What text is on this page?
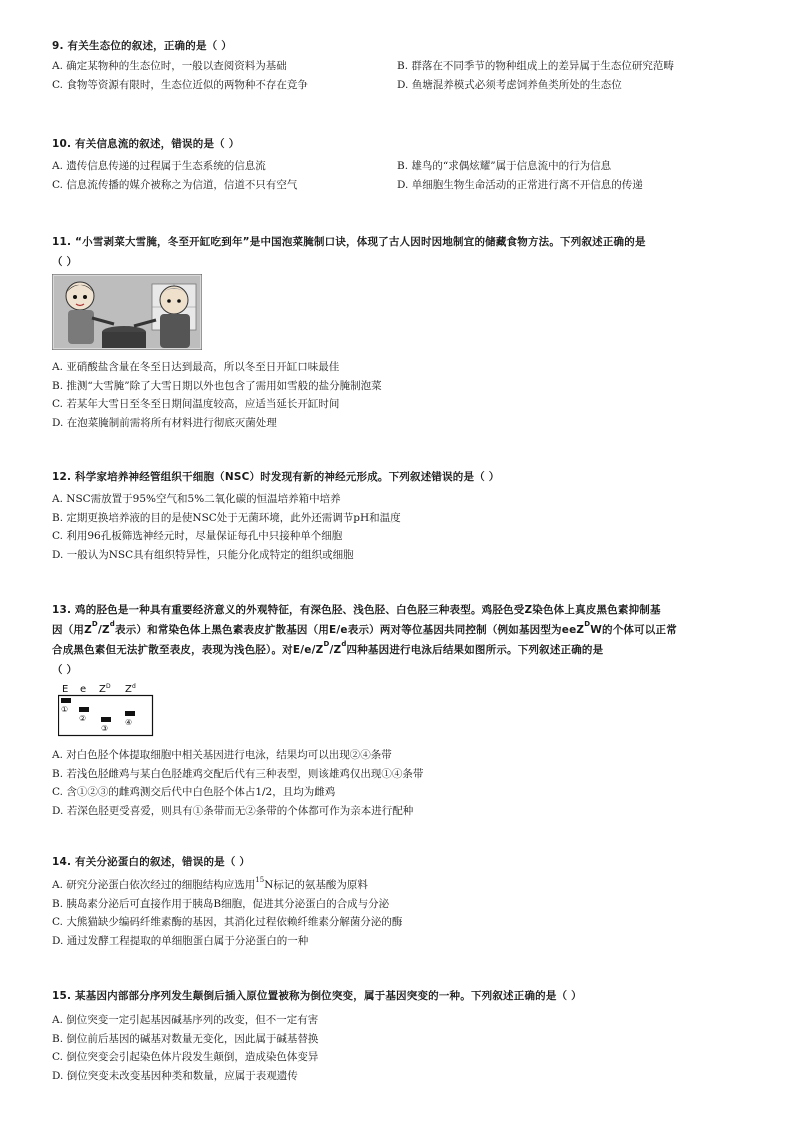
9. 有关生态位的叙述，正确的是（ ）
A. 确定某物种的生态位时，一般以查阅资料为基础	B. 群落在不同季节的物种组成上的差异属于生态位研究范畴
C. 食物等资源有限时，生态位近似的两物种不存在竞争	D. 鱼塘混养模式必须考虑饲养鱼类所处的生态位
10. 有关信息流的叙述，错误的是（ ）
A. 遗传信息传递的过程属于生态系统的信息流	B. 雄鸟的“求偶炫耀”属于信息流中的行为信息
C. 信息流传播的媒介被称之为信道，信道不只有空气	D. 单细胞生物生命活动的正常进行离不开信息的传递
11. “小雪剥菜大雪腌，冬至开缸吃到年”是中国泡菜腌制口诀，体现了古人因时因地制宜的储藏食物方法。下列叙述正确的是
（ ）
A. 亚硝酸盐含量在冬至日达到最高，所以冬至日开缸口味最佳
B. 推测“大雪腌”除了大雪日期以外也包含了需用如雪般的盐分腌制泡菜
C. 若某年大雪日至冬至日期间温度较高，应适当延长开缸时间
D. 在泡菜腌制前需将所有材料进行彻底灭菌处理
12. 科学家培养神经管组织干细胞（NSC）时发现有新的神经元形成。下列叙述错误的是（ ）
A. NSC需放置于95%空气和5%二氧化碳的恒温培养箱中培养
B. 定期更换培养液的目的是使NSC处于无菌环境，此外还需调节pH和温度
C. 利用96孔板筛选神经元时，尽量保证每孔中只接种单个细胞
D. 一般认为NSC具有组织特异性，只能分化成特定的组织或细胞
13. 鸡的胫色是一种具有重要经济意义的外观特征，有深色胫、浅色胫、白色胫三种表型。鸡胫色受Z染色体上真皮黑色素抑制基
因（用$Z^D/Z^d$表示）和常染色体上黑色素表皮扩散基因（用E/e表示）两对等位基因共同控制（例如基因型为eeZ$^D$W的个体可以正常
合成黑色素但无法扩散至表皮，表现为浅色胫）。对$E/e/Z^D/Z^d$四种基因进行电泳后结果如图所示。下列叙述正确的是
（ ）
E e Z D Z d
①
②
③
④
A. 对白色胫个体提取细胞中相关基因进行电泳，结果均可以出现②④条带
B. 若浅色胫雌鸡与某白色胫雄鸡交配后代有三种表型，则该雄鸡仅出现①④条带
C. 含①②③的雌鸡测交后代中白色胫个体占1/2，且均为雌鸡
D. 若深色胫更受喜爱，则具有①条带而无②条带的个体都可作为亲本进行配种
14. 有关分泌蛋白的叙述，错误的是（ ）
A. 研究分泌蛋白依次经过的细胞结构应选用$^{15}$N标记的氨基酸为原料
B. 胰岛素分泌后可直接作用于胰岛B细胞，促进其分泌蛋白的合成与分泌
C. 大熊猫缺少编码纤维素酶的基因，其消化过程依赖纤维素分解菌分泌的酶
D. 通过发酵工程提取的单细胞蛋白属于分泌蛋白的一种
15. 某基因内部部分序列发生颠倒后插入原位置被称为倒位突变，属于基因突变的一种。下列叙述正确的是（ ）
A. 倒位突变一定引起基因碱基序列的改变，但不一定有害
B. 倒位前后基因的碱基对数量无变化，因此属于碱基替换
C. 倒位突变会引起染色体片段发生颠倒，造成染色体变异
D. 倒位突变未改变基因种类和数量，应属于表观遗传
